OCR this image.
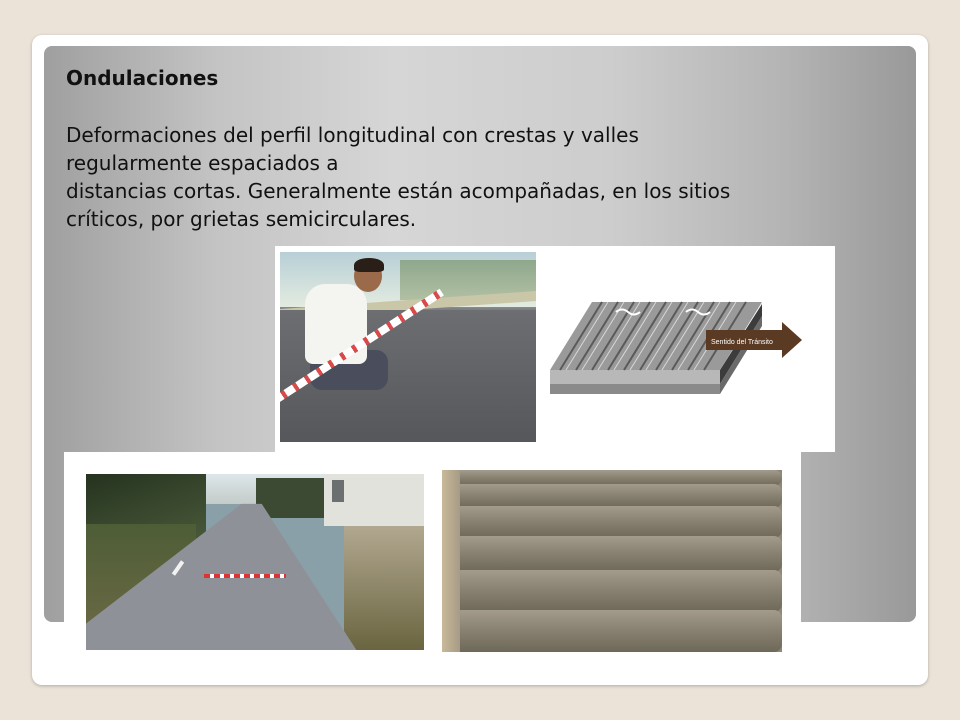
Ondulaciones

Deformaciones del perfil longitudinal con crestas y valles
regularmente espaciados a
distancias cortas. Generalmente están acompañadas, en los sitios
críticos, por grietas semicirculares.

Sentido del Tránsito
